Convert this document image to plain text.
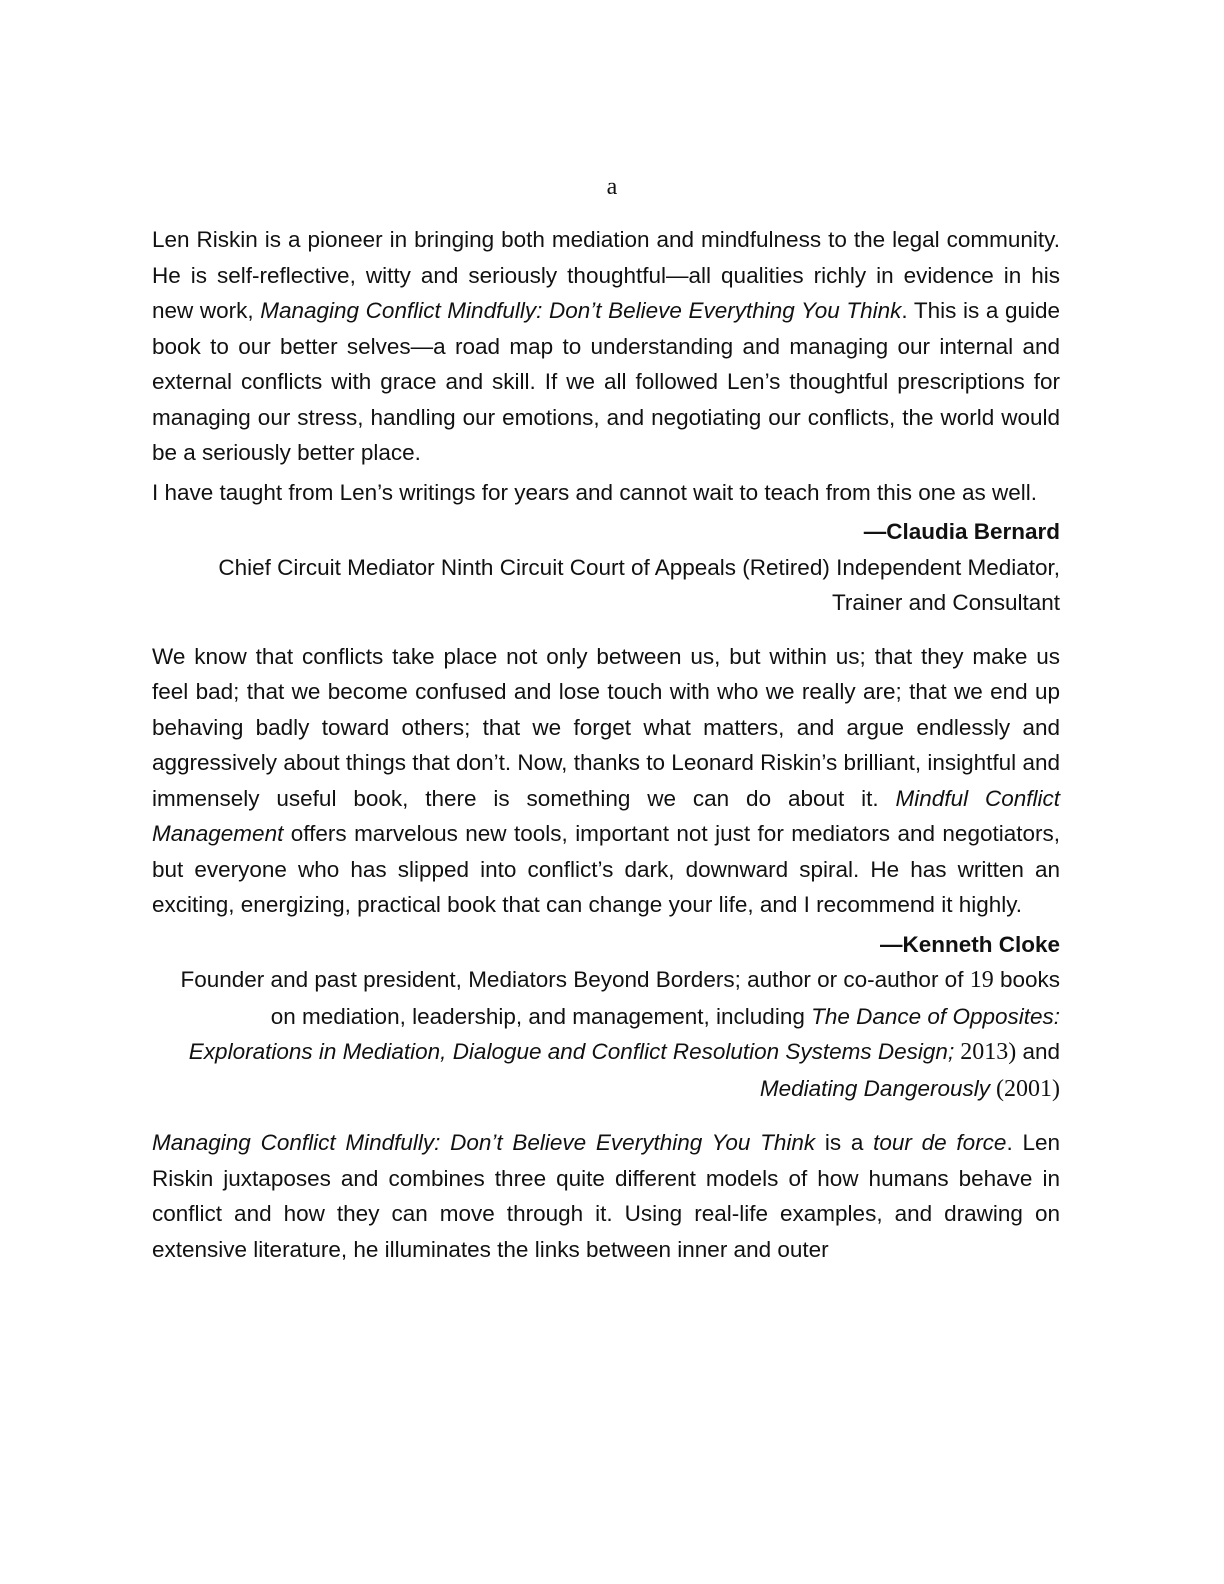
a

Len Riskin is a pioneer in bringing both mediation and mindfulness to the legal community. He is self-reflective, witty and seriously thoughtful—all qualities richly in evidence in his new work, Managing Conflict Mindfully: Don’t Believe Everything You Think. This is a guide book to our better selves—a road map to understanding and managing our internal and external conflicts with grace and skill. If we all followed Len’s thoughtful prescriptions for managing our stress, handling our emotions, and negotiating our conflicts, the world would be a seriously better place.

I have taught from Len’s writings for years and cannot wait to teach from this one as well.

—Claudia Bernard
Chief Circuit Mediator Ninth Circuit Court of Appeals (Retired) Independent Mediator, Trainer and Consultant

We know that conflicts take place not only between us, but within us; that they make us feel bad; that we become confused and lose touch with who we really are; that we end up behaving badly toward others; that we forget what matters, and argue endlessly and aggressively about things that don’t. Now, thanks to Leonard Riskin’s brilliant, insightful and immensely useful book, there is something we can do about it. Mindful Conflict Management offers marvelous new tools, important not just for mediators and negotiators, but everyone who has slipped into conflict’s dark, downward spiral. He has written an exciting, energizing, practical book that can change your life, and I recommend it highly.

—Kenneth Cloke
Founder and past president, Mediators Beyond Borders; author or co-author of 19 books on mediation, leadership, and management, including The Dance of Opposites: Explorations in Mediation, Dialogue and Conflict Resolution Systems Design; 2013) and Mediating Dangerously (2001)

Managing Conflict Mindfully: Don’t Believe Everything You Think is a tour de force. Len Riskin juxtaposes and combines three quite different models of how humans behave in conflict and how they can move through it. Using real-life examples, and drawing on extensive literature, he illuminates the links between inner and outer
